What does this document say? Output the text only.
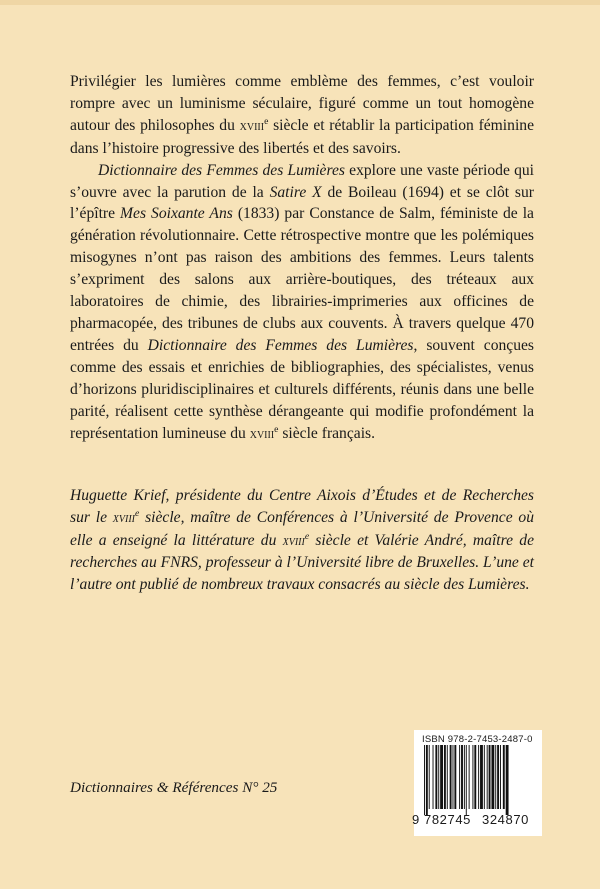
Privilégier les lumières comme emblème des femmes, c’est vouloir rompre avec un luminisme séculaire, figuré comme un tout homogène autour des philosophes du xviii$^e$ siècle et rétablir la participation féminine dans l’histoire progressive des libertés et des savoirs.

Dictionnaire des Femmes des Lumières explore une vaste période qui s’ouvre avec la parution de la Satire X de Boileau (1694) et se clôt sur l’épître Mes Soixante Ans (1833) par Constance de Salm, féministe de la génération révolutionnaire. Cette rétrospective montre que les polémiques misogynes n’ont pas raison des ambitions des femmes. Leurs talents s’expriment des salons aux arrière-boutiques, des tréteaux aux laboratoires de chimie, des librairies-imprimeries aux officines de pharmacopée, des tribunes de clubs aux couvents. À travers quelque 470 entrées du Dictionnaire des Femmes des Lumières, souvent conçues comme des essais et enrichies de bibliographies, des spécialistes, venus d’horizons pluridisciplinaires et culturels différents, réunis dans une belle parité, réalisent cette synthèse dérangeante qui modifie profondément la représentation lumineuse du xviii$^e$ siècle français.

Huguette Krief, présidente du Centre Aixois d’Études et de Recherches sur le xviii$^e$ siècle, maître de Conférences à l’Université de Provence où elle a enseigné la littérature du xviii$^e$ siècle et Valérie André, maître de recherches au FNRS, professeur à l’Université libre de Bruxelles. L’une et l’autre ont publié de nombreux travaux consacrés au siècle des Lumières.
Dictionnaires & Références N° 25
ISBN 978-2-7453-2487-0
9 782745 324870
